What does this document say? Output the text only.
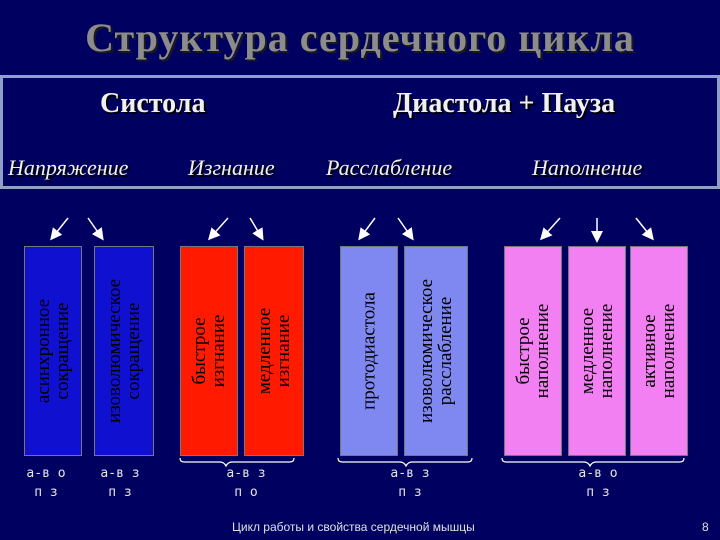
Структура сердечного цикла
Систола	Диастола + Пауза
Напряжение	Изгнание Расслабление	Наполнение
асинхронное
сокращение изоволюмическое
сокращение быстрое
изгнание медленное
изгнание	протодиастола изоволюмическое
расслабление	быстрое
наполнение медленное
наполнение активное
наполнение
а-в о
п з
а-в з
п з
а-в з
п о
а-в з
п з
а-в о
п з
Цикл работы и свойства сердечной мышцы	8
